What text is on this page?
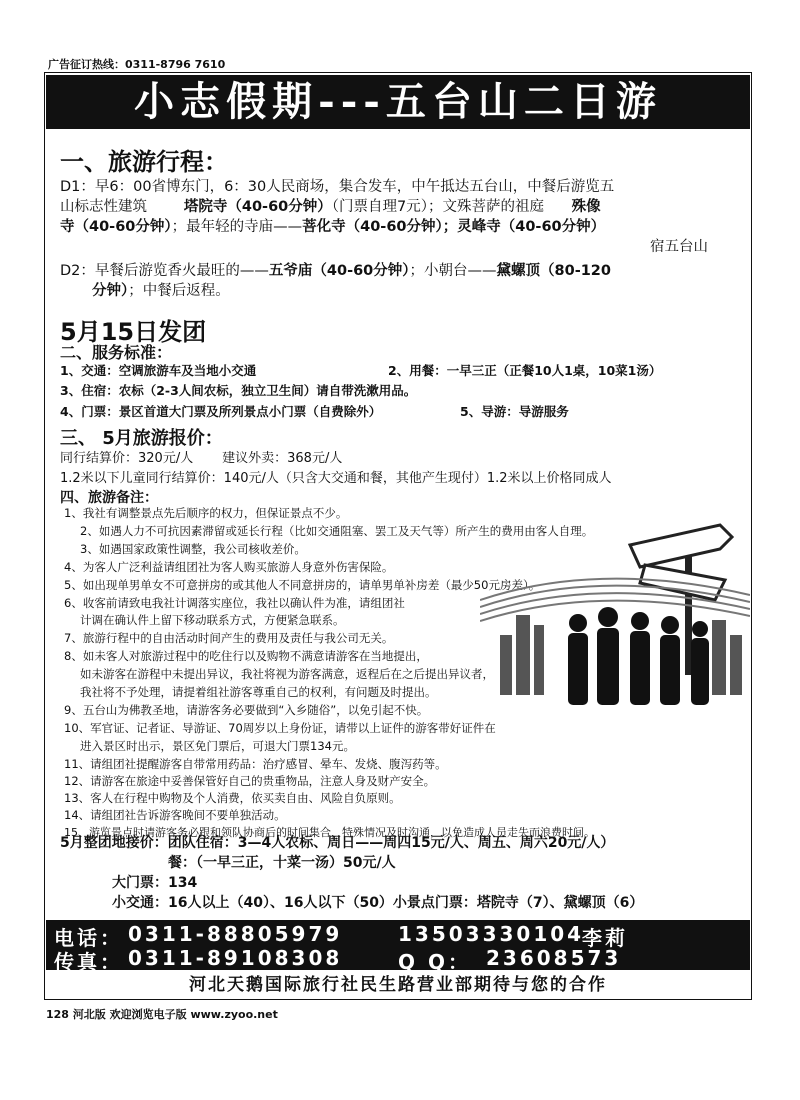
广告征订热线：0311-8796 7610
小志假期---五台山二日游
一、旅游行程：
D1：早6：00省博东门，6：30人民商场，集合发车，中午抵达五台山，中餐后游览五
山标志性建筑	塔院寺（40-60分钟）（门票自理7元）；文殊菩萨的祖庭 殊像
寺（40-60分钟）；最年轻的寺庙——菩化寺（40-60分钟）；灵峰寺（40-60分钟）
宿五台山
D2：早餐后游览香火最旺的——五爷庙（40-60分钟）；小朝台——黛螺顶（80-120
分钟）；中餐后返程。
5月15日发团
二、服务标准：
1、交通：空调旅游车及当地小交通	2、用餐：一早三正（正餐10人1桌，10菜1汤）
3、住宿：农标（2-3人间农标，独立卫生间）请自带洗漱用品。
4、门票：景区首道大门票及所列景点小门票（自费除外）	5、导游：导游服务
三、 5月旅游报价：
同行结算价：320元/人 建议外卖：368元/人
1.2米以下儿童同行结算价：140元/人（只含大交通和餐，其他产生现付）1.2米以上价格同成人
四、旅游备注：
1、我社有调整景点先后顺序的权力，但保证景点不少。
2、如遇人力不可抗因素滞留或延长行程（比如交通阻塞、罢工及天气等）所产生的费用由客人自理。
3、如遇国家政策性调整，我公司核收差价。
4、为客人广泛利益请组团社为客人购买旅游人身意外伤害保险。
5、如出现单男单女不可意拼房的或其他人不同意拼房的，请单男单补房差（最少50元房差）。
6、收客前请致电我社计调落实座位，我社以确认件为准，请组团社
计调在确认件上留下移动联系方式，方便紧急联系。
7、旅游行程中的自由活动时间产生的费用及责任与我公司无关。
8、如未客人对旅游过程中的吃住行以及购物不满意请游客在当地提出，
如未游客在游程中未提出异议，我社将视为游客满意，返程后在之后提出异议者，
我社将不予处理，请提着组社游客尊重自己的权利，有问题及时提出。
9、五台山为佛教圣地，请游客务必要做到“入乡随俗”，以免引起不快。
10、军官证、记者证、导游证、70周岁以上身份证，请带以上证件的游客带好证件在
进入景区时出示，景区免门票后，可退大门票134元。
11、请组团社提醒游客自带常用药品：治疗感冒、晕车、发烧、腹泻药等。
12、请游客在旅途中妥善保管好自己的贵重物品，注意人身及财产安全。
13、客人在行程中购物及个人消费，依买卖自由、风险自负原则。
14、请组团社告诉游客晚间不要单独活动。
15、游览景点时请游客务必跟和领队协商后的时间集合，特殊情况及时沟通，以免造成人员走失而浪费时间。
5月整团地接价：团队住宿：3—4人农标、周日——周四15元/人、周五、周六20元/人）
餐：（一早三正，十菜一汤）50元/人
大门票：134
小交通：16人以上（40）、16人以下（50）小景点门票：塔院寺（7）、黛螺顶（6）
电话： 0311-88805979	13503330104
李莉
传真： 0311-89108308	Q Q： 23608573
河北天鹅国际旅行社民生路营业部期待与您的合作
128 河北版 欢迎浏览电子版 www.zyoo.net
